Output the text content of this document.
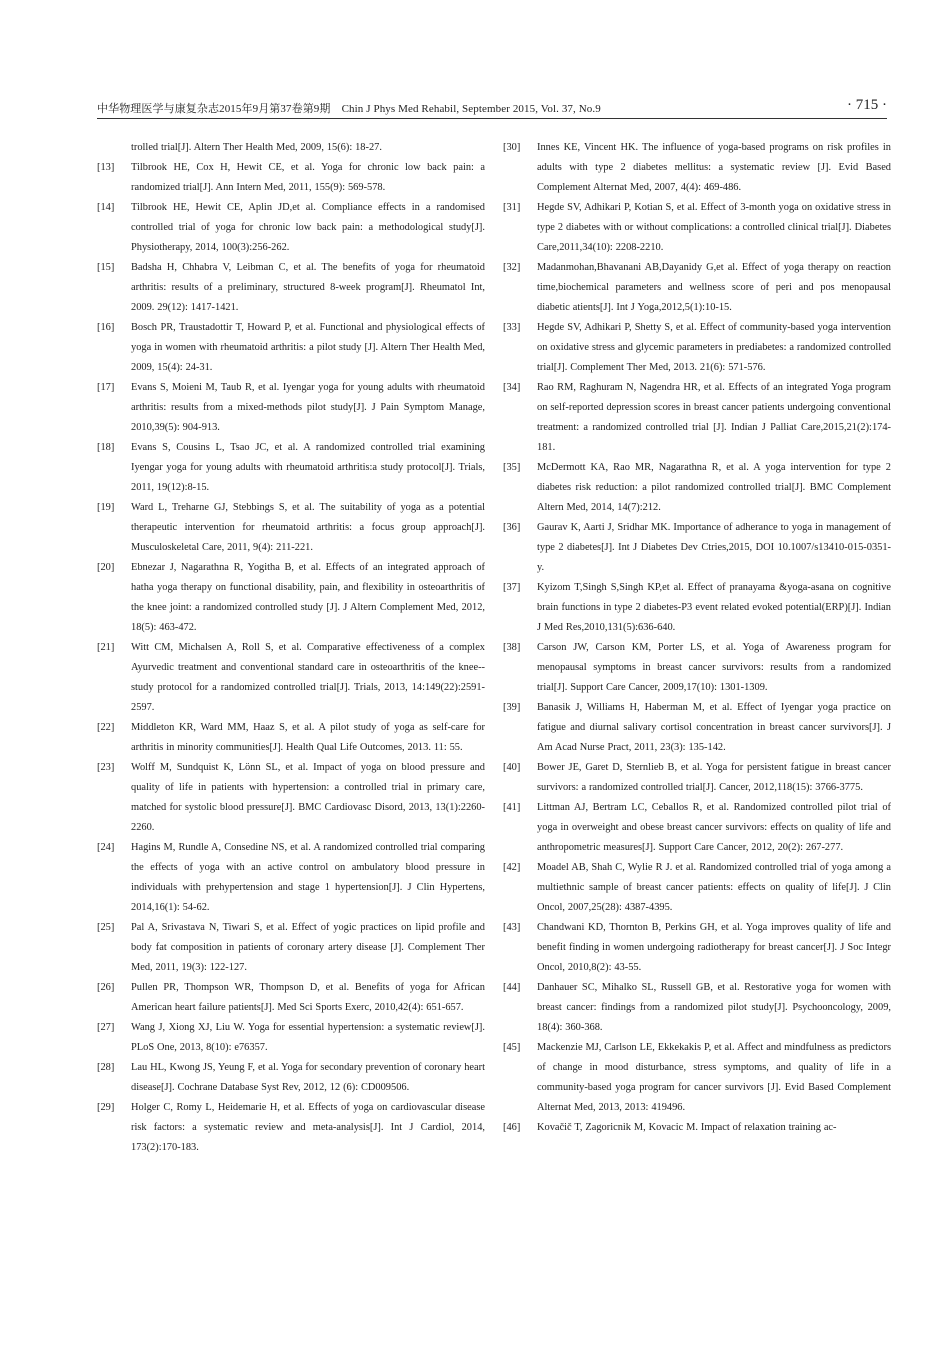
中华物理医学与康复杂志2015年9月第37卷第9期　Chin J Phys Med Rehabil, September 2015, Vol. 37, No.9	· 715 ·
trolled trial[J]. Altern Ther Health Med, 2009, 15(6): 18-27.
[13] Tilbrook HE, Cox H, Hewit CE, et al. Yoga for chronic low back pain: a randomized trial[J]. Ann Intern Med, 2011, 155(9): 569-578.
[14] Tilbrook HE, Hewit CE, Aplin JD,et al. Compliance effects in a randomised controlled trial of yoga for chronic low back pain: a methodological study[J]. Physiotherapy, 2014, 100(3):256-262.
[15] Badsha H, Chhabra V, Leibman C, et al. The benefits of yoga for rheumatoid arthritis: results of a preliminary, structured 8-week program[J]. Rheumatol Int, 2009. 29(12): 1417-1421.
[16] Bosch PR, Traustadottir T, Howard P, et al. Functional and physiological effects of yoga in women with rheumatoid arthritis: a pilot study [J]. Altern Ther Health Med, 2009, 15(4): 24-31.
[17] Evans S, Moieni M, Taub R, et al. Iyengar yoga for young adults with rheumatoid arthritis: results from a mixed-methods pilot study[J]. J Pain Symptom Manage, 2010,39(5): 904-913.
[18] Evans S, Cousins L, Tsao JC, et al. A randomized controlled trial examining Iyengar yoga for young adults with rheumatoid arthritis:a study protocol[J]. Trials, 2011, 19(12):8-15.
[19] Ward L, Treharne GJ, Stebbings S, et al. The suitability of yoga as a potential therapeutic intervention for rheumatoid arthritis: a focus group approach[J]. Musculoskeletal Care, 2011, 9(4): 211-221.
[20] Ebnezar J, Nagarathna R, Yogitha B, et al. Effects of an integrated approach of hatha yoga therapy on functional disability, pain, and flexibility in osteoarthritis of the knee joint: a randomized controlled study [J]. J Altern Complement Med, 2012, 18(5): 463-472.
[21] Witt CM, Michalsen A, Roll S, et al. Comparative effectiveness of a complex Ayurvedic treatment and conventional standard care in osteoarthritis of the knee--study protocol for a randomized controlled trial[J]. Trials, 2013, 14:149(22):2591-2597.
[22] Middleton KR, Ward MM, Haaz S, et al. A pilot study of yoga as self-care for arthritis in minority communities[J]. Health Qual Life Outcomes, 2013. 11: 55.
[23] Wolff M, Sundquist K, Lönn SL, et al. Impact of yoga on blood pressure and quality of life in patients with hypertension: a controlled trial in primary care, matched for systolic blood pressure[J]. BMC Cardiovasc Disord, 2013, 13(1):2260-2260.
[24] Hagins M, Rundle A, Consedine NS, et al. A randomized controlled trial comparing the effects of yoga with an active control on ambulatory blood pressure in individuals with prehypertension and stage 1 hypertension[J]. J Clin Hypertens, 2014,16(1): 54-62.
[25] Pal A, Srivastava N, Tiwari S, et al. Effect of yogic practices on lipid profile and body fat composition in patients of coronary artery disease [J]. Complement Ther Med, 2011, 19(3): 122-127.
[26] Pullen PR, Thompson WR, Thompson D, et al. Benefits of yoga for African American heart failure patients[J]. Med Sci Sports Exerc, 2010,42(4): 651-657.
[27] Wang J, Xiong XJ, Liu W. Yoga for essential hypertension: a systematic review[J]. PLoS One, 2013, 8(10): e76357.
[28] Lau HL, Kwong JS, Yeung F, et al. Yoga for secondary prevention of coronary heart disease[J]. Cochrane Database Syst Rev, 2012, 12 (6): CD009506.
[29] Holger C, Romy L, Heidemarie H, et al. Effects of yoga on cardiovascular disease risk factors: a systematic review and meta-analysis[J]. Int J Cardiol, 2014, 173(2):170-183.
[30] Innes KE, Vincent HK. The influence of yoga-based programs on risk profiles in adults with type 2 diabetes mellitus: a systematic review [J]. Evid Based Complement Alternat Med, 2007, 4(4): 469-486.
[31] Hegde SV, Adhikari P, Kotian S, et al. Effect of 3-month yoga on oxidative stress in type 2 diabetes with or without complications: a controlled clinical trial[J]. Diabetes Care,2011,34(10): 2208-2210.
[32] Madanmohan,Bhavanani AB,Dayanidy G,et al. Effect of yoga therapy on reaction time,biochemical parameters and wellness score of peri and pos menopausal diabetic atients[J]. Int J Yoga,2012,5(1):10-15.
[33] Hegde SV, Adhikari P, Shetty S, et al. Effect of community-based yoga intervention on oxidative stress and glycemic parameters in prediabetes: a randomized controlled trial[J]. Complement Ther Med, 2013. 21(6): 571-576.
[34] Rao RM, Raghuram N, Nagendra HR, et al. Effects of an integrated Yoga program on self-reported depression scores in breast cancer patients undergoing conventional treatment: a randomized controlled trial [J]. Indian J Palliat Care,2015,21(2):174-181.
[35] McDermott KA, Rao MR, Nagarathna R, et al. A yoga intervention for type 2 diabetes risk reduction: a pilot randomized controlled trial[J]. BMC Complement Altern Med, 2014, 14(7):212.
[36] Gaurav K, Aarti J, Sridhar MK. Importance of adherance to yoga in management of type 2 diabetes[J]. Int J Diabetes Dev Ctries,2015, DOI 10.1007/s13410-015-0351-y.
[37] Kyizom T,Singh S,Singh KP,et al. Effect of pranayama &yoga-asana on cognitive brain functions in type 2 diabetes-P3 event related evoked potential(ERP)[J]. Indian J Med Res,2010,131(5):636-640.
[38] Carson JW, Carson KM, Porter LS, et al. Yoga of Awareness program for menopausal symptoms in breast cancer survivors: results from a randomized trial[J]. Support Care Cancer, 2009,17(10): 1301-1309.
[39] Banasik J, Williams H, Haberman M, et al. Effect of Iyengar yoga practice on fatigue and diurnal salivary cortisol concentration in breast cancer survivors[J]. J Am Acad Nurse Pract, 2011, 23(3): 135-142.
[40] Bower JE, Garet D, Sternlieb B, et al. Yoga for persistent fatigue in breast cancer survivors: a randomized controlled trial[J]. Cancer, 2012,118(15): 3766-3775.
[41] Littman AJ, Bertram LC, Ceballos R, et al. Randomized controlled pilot trial of yoga in overweight and obese breast cancer survivors: effects on quality of life and anthropometric measures[J]. Support Care Cancer, 2012, 20(2): 267-277.
[42] Moadel AB, Shah C, Wylie R J. et al. Randomized controlled trial of yoga among a multiethnic sample of breast cancer patients: effects on quality of life[J]. J Clin Oncol, 2007,25(28): 4387-4395.
[43] Chandwani KD, Thornton B, Perkins GH, et al. Yoga improves quality of life and benefit finding in women undergoing radiotherapy for breast cancer[J]. J Soc Integr Oncol, 2010,8(2): 43-55.
[44] Danhauer SC, Mihalko SL, Russell GB, et al. Restorative yoga for women with breast cancer: findings from a randomized pilot study[J]. Psychooncology, 2009, 18(4): 360-368.
[45] Mackenzie MJ, Carlson LE, Ekkekakis P, et al. Affect and mindfulness as predictors of change in mood disturbance, stress symptoms, and quality of life in a community-based yoga program for cancer survivors [J]. Evid Based Complement Alternat Med, 2013, 2013: 419496.
[46] Kovačič T, Zagoricnik M, Kovacic M. Impact of relaxation training ac-
